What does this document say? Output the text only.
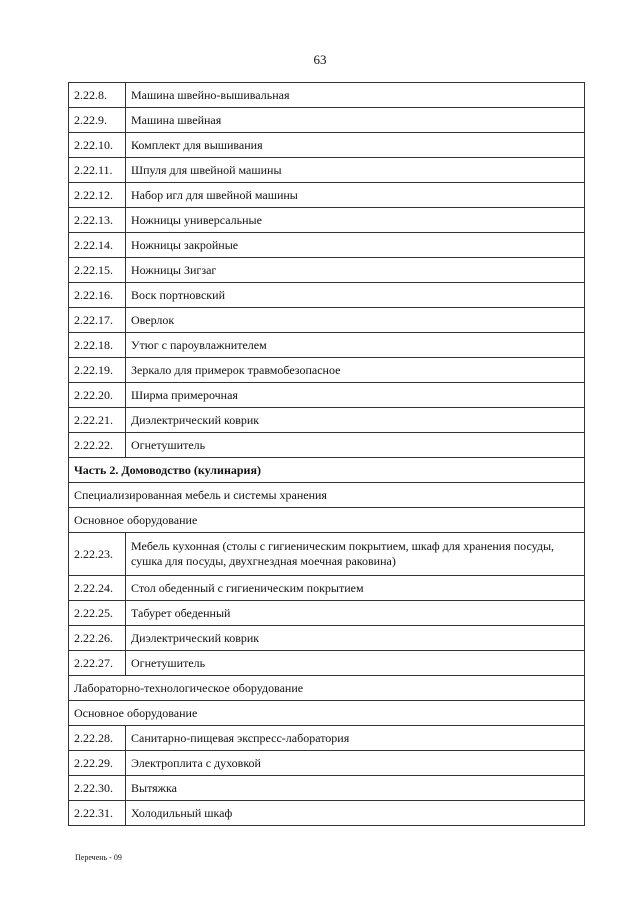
63
2.22.8.	Машина швейно-вышивальная
2.22.9.	Машина швейная
2.22.10.	Комплект для вышивания
2.22.11.	Шпуля для швейной машины
2.22.12.	Набор игл для швейной машины
2.22.13.	Ножницы универсальные
2.22.14.	Ножницы закройные
2.22.15.	Ножницы Зигзаг
2.22.16.	Воск портновский
2.22.17.	Оверлок
2.22.18.	Утюг с пароувлажнителем
2.22.19.	Зеркало для примерок травмобезопасное
2.22.20.	Ширма примерочная
2.22.21.	Диэлектрический коврик
2.22.22.	Огнетушитель
Часть 2. Домоводство (кулинария)	
Специализированная мебель и системы хранения	
Основное оборудование	
2.22.23.	Мебель кухонная (столы с гигиеническим покрытием, шкаф для хранения посуды, сушка для посуды, двухгнездная моечная раковина)
2.22.24.	Стол обеденный с гигиеническим покрытием
2.22.25.	Табурет обеденный
2.22.26.	Диэлектрический коврик
2.22.27.	Огнетушитель
Лабораторно-технологическое оборудование	
Основное оборудование	
2.22.28.	Санитарно-пищевая экспресс-лаборатория
2.22.29.	Электроплита с духовкой
2.22.30.	Вытяжка
2.22.31.	Холодильный шкаф
Перечень - 09
